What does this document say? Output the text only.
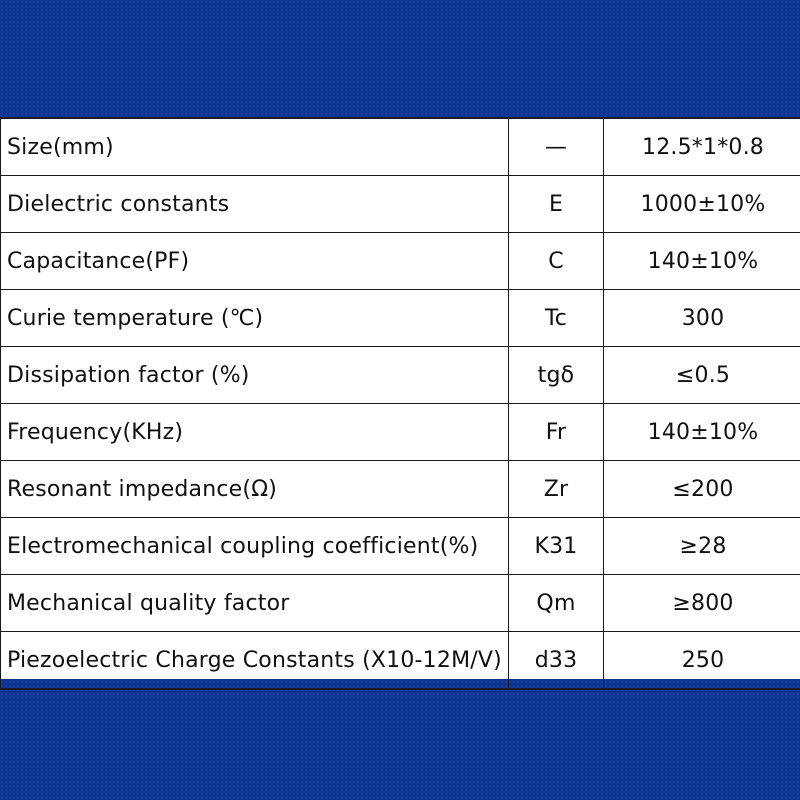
Size(mm)	—	12.5*1*0.8
Dielectric constants	E	1000±10%
Capacitance(PF)	C	140±10%
Curie temperature (℃)	Tc	300
Dissipation factor (%)	tgδ	≤0.5
Frequency(KHz)	Fr	140±10%
Resonant impedance(Ω)	Zr	≤200
Electromechanical coupling coefficient(%)	K31	≥28
Mechanical quality factor	Qm	≥800
Piezoelectric Charge Constants (X10-12M/V)	d33	250
